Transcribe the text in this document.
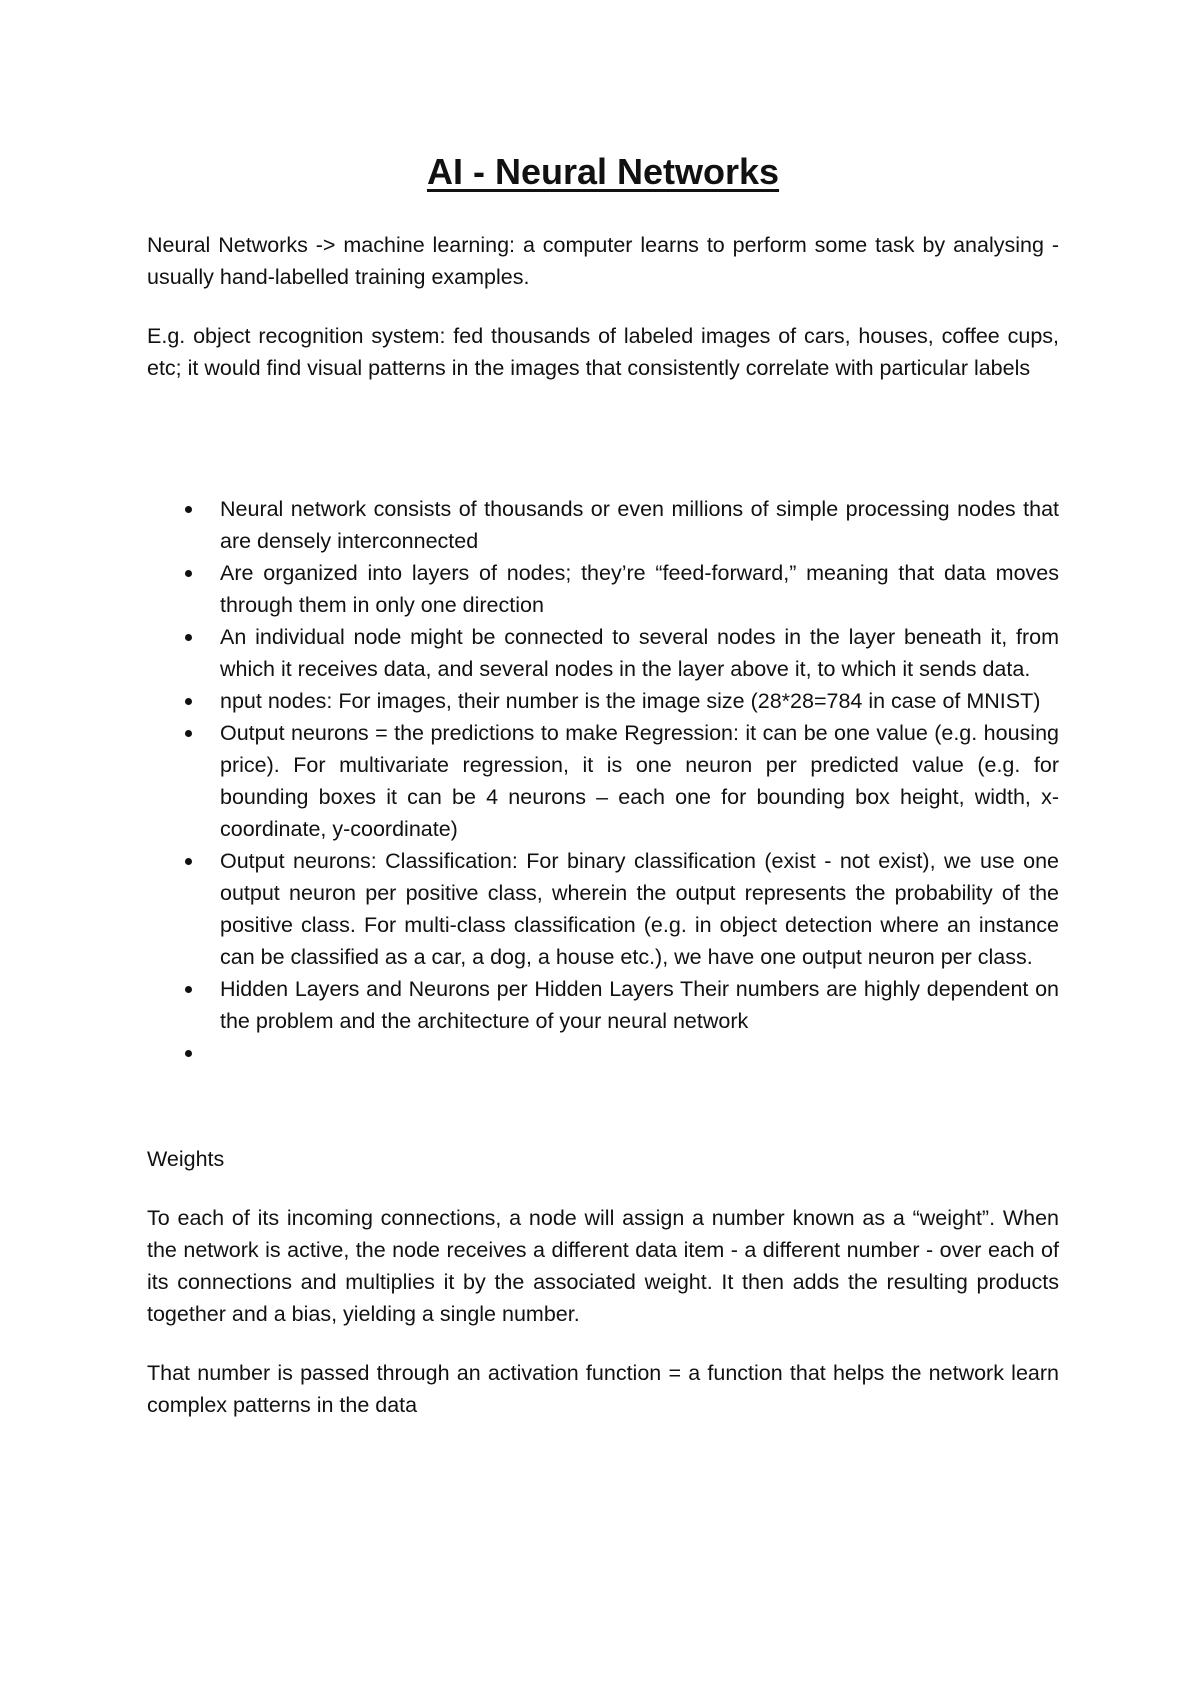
AI - Neural Networks

Neural Networks -> machine learning: a computer learns to perform some task by analysing -usually hand-labelled training examples.

E.g. object recognition system: fed thousands of labeled images of cars, houses, coffee cups, etc; it would find visual patterns in the images that consistently correlate with particular labels

Neural network consists of thousands or even millions of simple processing nodes that are densely interconnected
Are organized into layers of nodes; they’re “feed-forward,” meaning that data moves through them in only one direction
An individual node might be connected to several nodes in the layer beneath it, from which it receives data, and several nodes in the layer above it, to which it sends data.
nput nodes: For images, their number is the image size (28*28=784 in case of MNIST)
Output neurons = the predictions to make Regression: it can be one value (e.g. housing price). For multivariate regression, it is one neuron per predicted value (e.g. for bounding boxes it can be 4 neurons – each one for bounding box height, width, x-coordinate, y-coordinate)
Output neurons: Classification: For binary classification (exist - not exist), we use one output neuron per positive class, wherein the output represents the probability of the positive class. For multi-class classification (e.g. in object detection where an instance can be classified as a car, a dog, a house etc.), we have one output neuron per class.
Hidden Layers and Neurons per Hidden Layers Their numbers are highly dependent on the problem and the architecture of your neural network

Weights

To each of its incoming connections, a node will assign a number known as a “weight”. When the network is active, the node receives a different data item - a different number - over each of its connections and multiplies it by the associated weight. It then adds the resulting products together and a bias, yielding a single number.

That number is passed through an activation function = a function that helps the network learn complex patterns in the data
